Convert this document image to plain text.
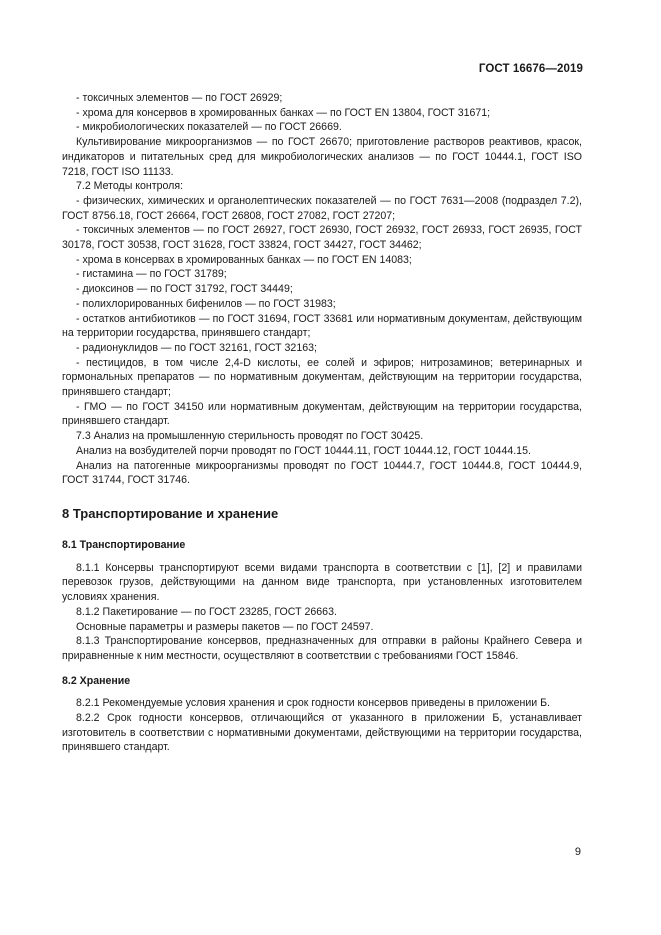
ГОСТ 16676—2019

- токсичных элементов — по ГОСТ 26929;

- хрома для консервов в хромированных банках — по ГОСТ EN 13804, ГОСТ 31671;

- микробиологических показателей — по ГОСТ 26669.

Культивирование микроорганизмов — по ГОСТ 26670; приготовление растворов реактивов, красок, индикаторов и питательных сред для микробиологических анализов — по ГОСТ 10444.1, ГОСТ ISO 7218, ГОСТ ISO 11133.

7.2 Методы контроля:

- физических, химических и органолептических показателей — по ГОСТ 7631—2008 (подраздел 7.2), ГОСТ 8756.18, ГОСТ 26664, ГОСТ 26808, ГОСТ 27082, ГОСТ 27207;

- токсичных элементов — по ГОСТ 26927, ГОСТ 26930, ГОСТ 26932, ГОСТ 26933, ГОСТ 26935, ГОСТ 30178, ГОСТ 30538, ГОСТ 31628, ГОСТ 33824, ГОСТ 34427, ГОСТ 34462;

- хрома в консервах в хромированных банках — по ГОСТ EN 14083;

- гистамина — по ГОСТ 31789;

- диоксинов — по ГОСТ 31792, ГОСТ 34449;

- полихлорированных бифенилов — по ГОСТ 31983;

- остатков антибиотиков — по ГОСТ 31694, ГОСТ 33681 или нормативным документам, действующим на территории государства, принявшего стандарт;

- радионуклидов — по ГОСТ 32161, ГОСТ 32163;

- пестицидов, в том числе 2,4-D кислоты, ее солей и эфиров; нитрозаминов; ветеринарных и гормональных препаратов — по нормативным документам, действующим на территории государства, принявшего стандарт;

- ГМО — по ГОСТ 34150 или нормативным документам, действующим на территории государства, принявшего стандарт.

7.3 Анализ на промышленную стерильность проводят по ГОСТ 30425.

Анализ на возбудителей порчи проводят по ГОСТ 10444.11, ГОСТ 10444.12, ГОСТ 10444.15.

Анализ на патогенные микроорганизмы проводят по ГОСТ 10444.7, ГОСТ 10444.8, ГОСТ 10444.9, ГОСТ 31744, ГОСТ 31746.

8 Транспортирование и хранение
8.1 Транспортирование

8.1.1 Консервы транспортируют всеми видами транспорта в соответствии с [1], [2] и правилами перевозок грузов, действующими на данном виде транспорта, при установленных изготовителем условиях хранения.

8.1.2 Пакетирование — по ГОСТ 23285, ГОСТ 26663.

Основные параметры и размеры пакетов — по ГОСТ 24597.

8.1.3 Транспортирование консервов, предназначенных для отправки в районы Крайнего Севера и приравненные к ним местности, осуществляют в соответствии с требованиями ГОСТ 15846.

8.2 Хранение

8.2.1 Рекомендуемые условия хранения и срок годности консервов приведены в приложении Б.

8.2.2 Срок годности консервов, отличающийся от указанного в приложении Б, устанавливает изготовитель в соответствии с нормативными документами, действующими на территории государства, принявшего стандарт.

9
